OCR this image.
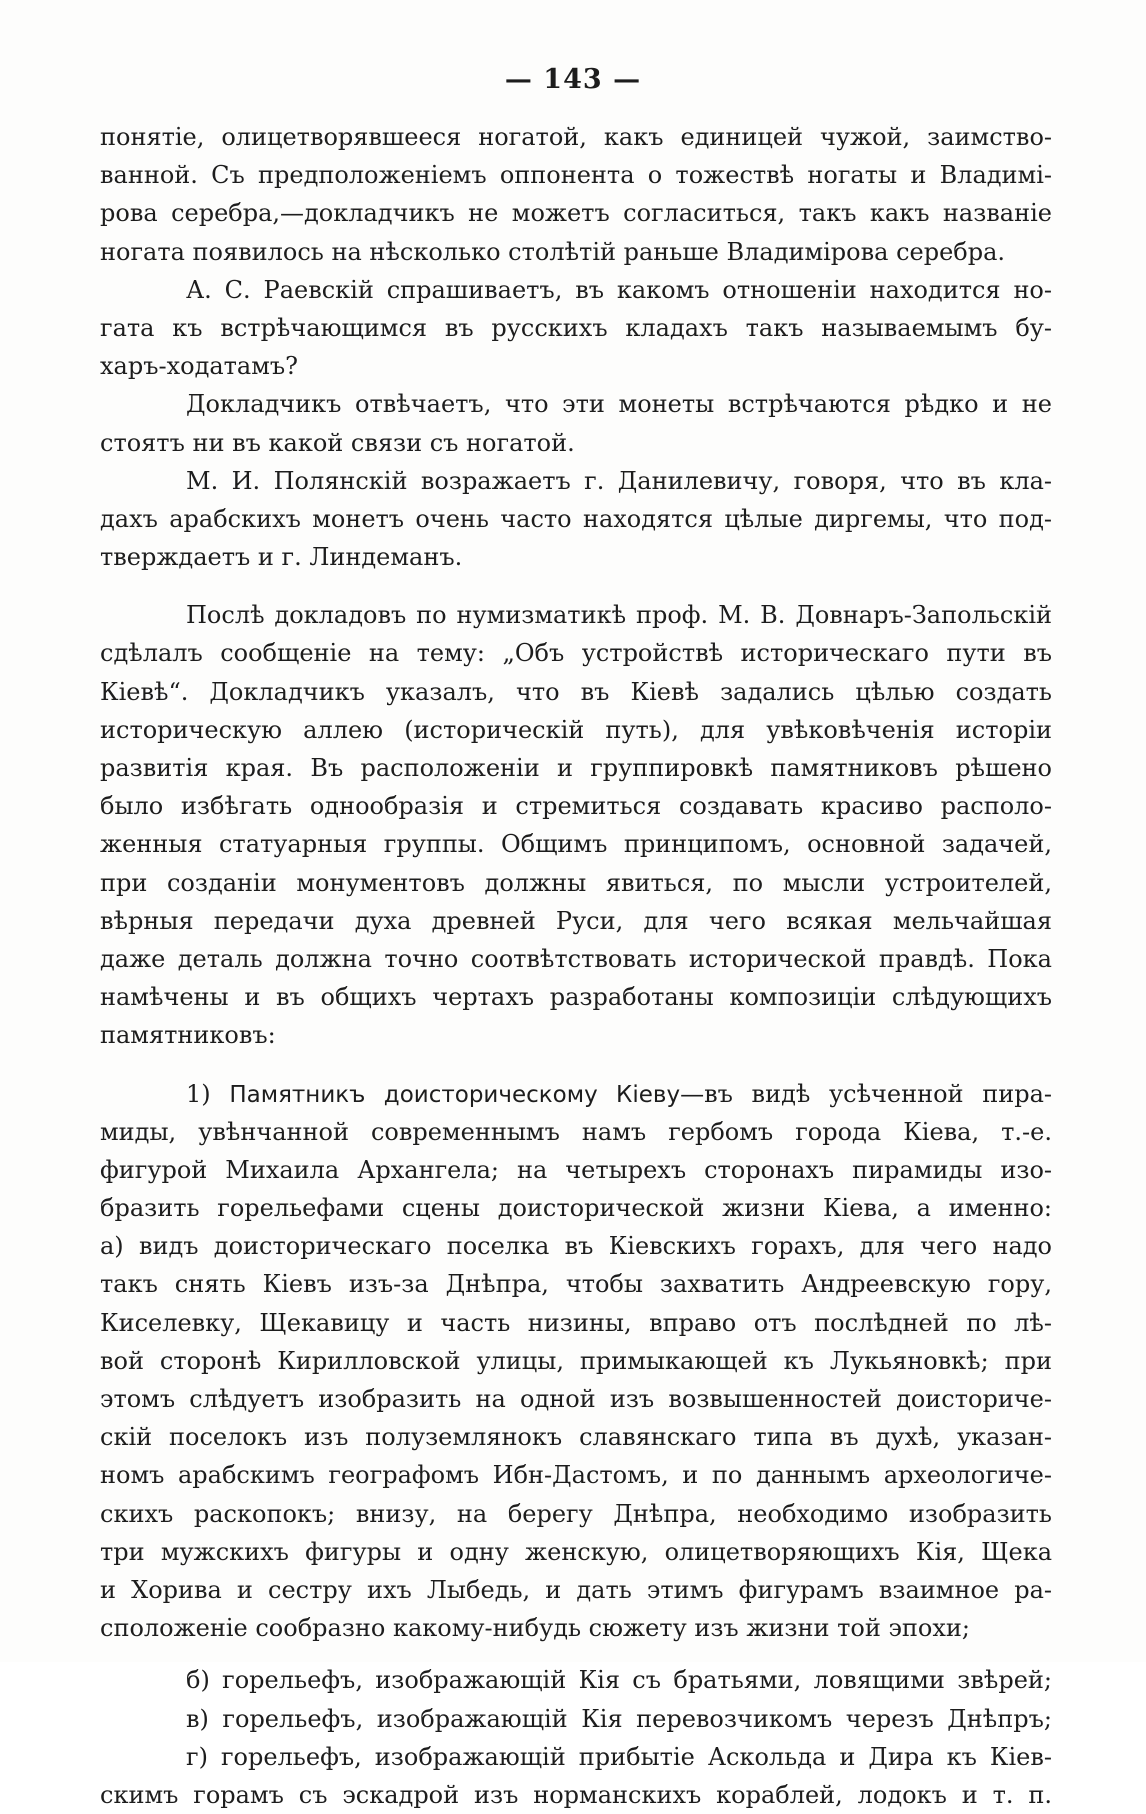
— 143 —
понятіе, олицетворявшееся ногатой, какъ единицей чужой, заимство-
ванной. Съ предположеніемъ оппонента о тожествѣ ногаты и Владимі-
рова серебра,—докладчикъ не можетъ согласиться, такъ какъ названіе
ногата появилось на нѣсколько столѣтій раньше Владимірова серебра.
А. С. Раевскій спрашиваетъ, въ какомъ отношеніи находится но-
гата къ встрѣчающимся въ русскихъ кладахъ такъ называемымъ бу-
харъ-ходатамъ?
Докладчикъ отвѣчаетъ, что эти монеты встрѣчаются рѣдко и не
стоятъ ни въ какой связи съ ногатой.
М. И. Полянскій возражаетъ г. Данилевичу, говоря, что въ кла-
дахъ арабскихъ монетъ очень часто находятся цѣлые диргемы, что под-
тверждаетъ и г. Линдеманъ.
Послѣ докладовъ по нумизматикѣ проф. М. В. Довнаръ-Запольскій
сдѣлалъ сообщеніе на тему: „Объ устройствѣ историческаго пути въ
Кіевѣ“. Докладчикъ указалъ, что въ Кіевѣ задались цѣлью создать
историческую аллею (историческій путь), для увѣковѣченія исторіи
развитія края. Въ расположеніи и группировкѣ памятниковъ рѣшено
было избѣгать однообразія и стремиться создавать красиво располо-
женныя статуарныя группы. Общимъ принципомъ, основной задачей,
при созданіи монументовъ должны явиться, по мысли устроителей,
вѣрныя передачи духа древней Руси, для чего всякая мельчайшая
даже деталь должна точно соотвѣтствовать исторической правдѣ. Пока
намѣчены и въ общихъ чертахъ разработаны композиціи слѣдующихъ
памятниковъ:
1) Памятникъ доисторическому Кіеву—въ видѣ усѣченной пира-
миды, увѣнчанной современнымъ намъ гербомъ города Кіева, т.-е.
фигурой Михаила Архангела; на четырехъ сторонахъ пирамиды изо-
бразить горельефами сцены доисторической жизни Кіева, а именно:
а) видъ доисторическаго поселка въ Кіевскихъ горахъ, для чего надо
такъ снять Кіевъ изъ-за Днѣпра, чтобы захватить Андреевскую гору,
Киселевку, Щекавицу и часть низины, вправо отъ послѣдней по лѣ-
вой сторонѣ Кирилловской улицы, примыкающей къ Лукьяновкѣ; при
этомъ слѣдуетъ изобразить на одной изъ возвышенностей доисториче-
скій поселокъ изъ полуземлянокъ славянскаго типа въ духѣ, указан-
номъ арабскимъ географомъ Ибн-Дастомъ, и по даннымъ археологиче-
скихъ раскопокъ; внизу, на берегу Днѣпра, необходимо изобразить
три мужскихъ фигуры и одну женскую, олицетворяющихъ Кія, Щека
и Хорива и сестру ихъ Лыбедь, и дать этимъ фигурамъ взаимное ра-
сположеніе сообразно какому-нибудь сюжету изъ жизни той эпохи;
б) горельефъ, изображающій Кія съ братьями, ловящими звѣрей;
в) горельефъ, изображающій Кія перевозчикомъ черезъ Днѣпръ;
г) горельефъ, изображающій прибытіе Аскольда и Дира къ Кіев-
скимъ горамъ съ эскадрой изъ норманскихъ кораблей, лодокъ и т. п.
